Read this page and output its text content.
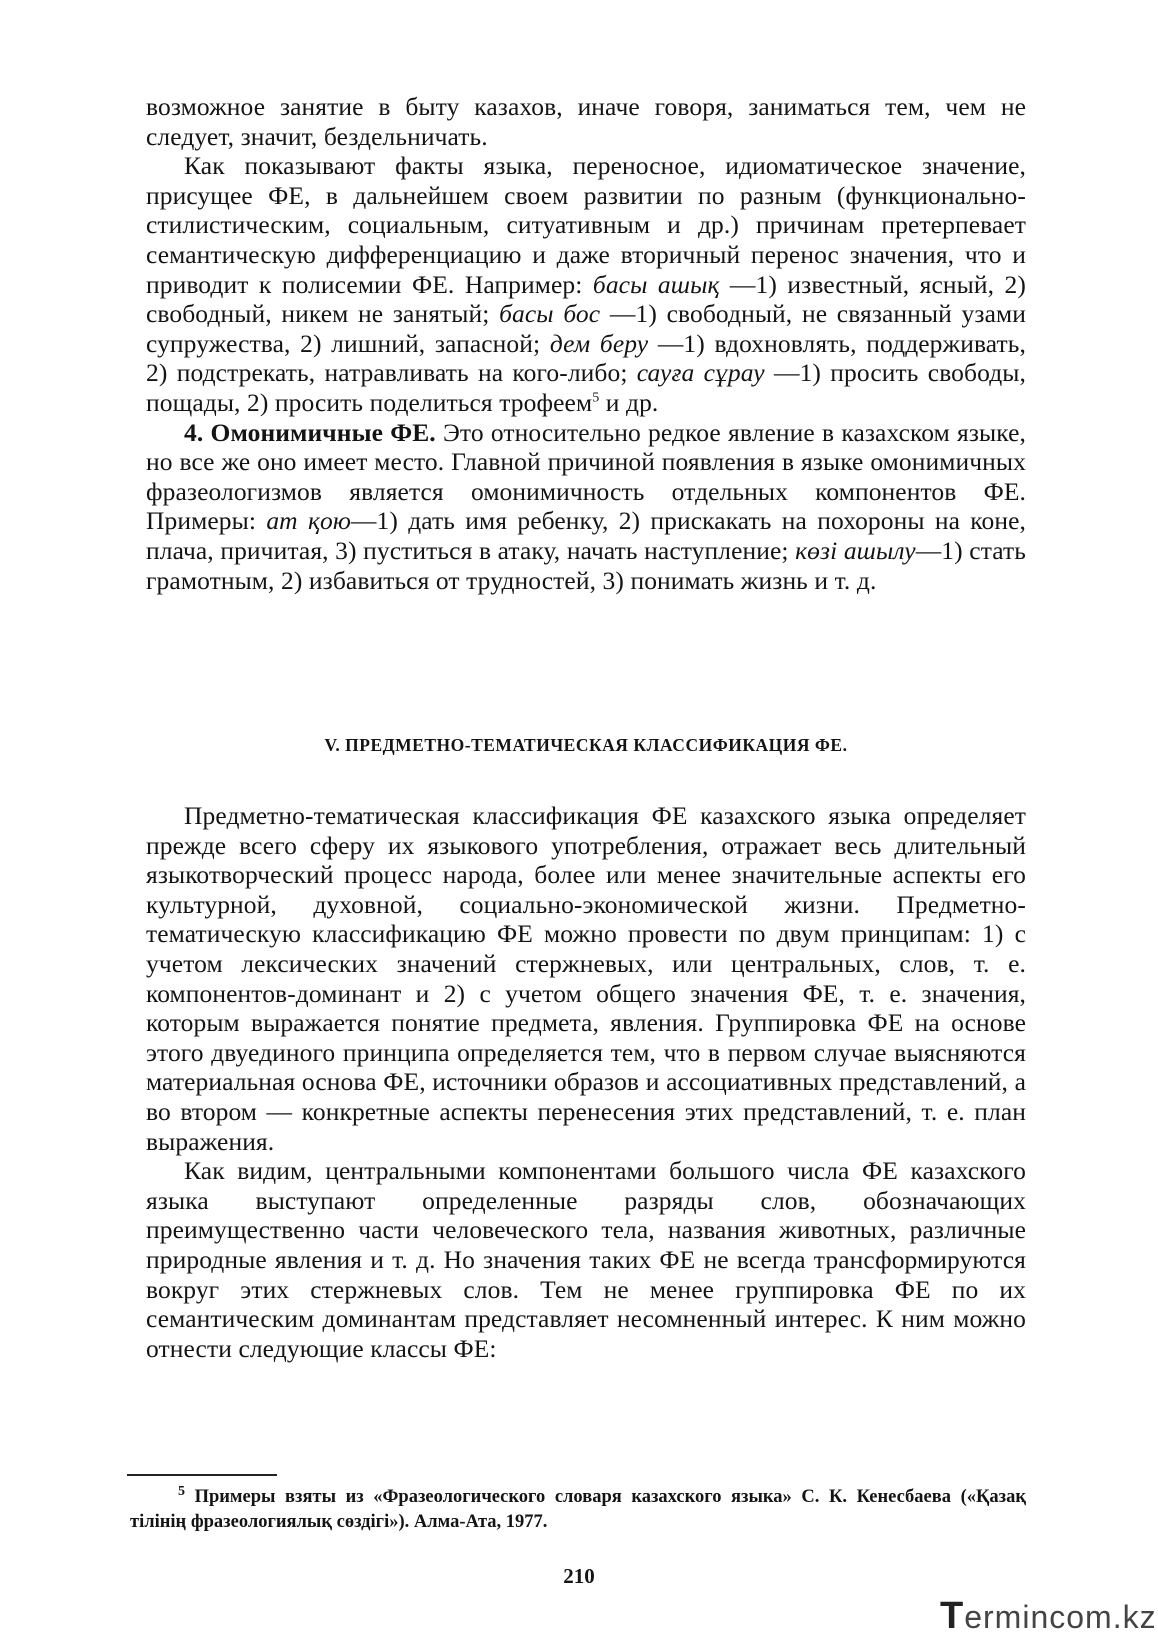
возможное занятие в быту казахов, иначе говоря, заниматься тем, чем не следует, значит, бездельничать.

Как показывают факты языка, переносное, идиоматическое значение, присущее ФЕ, в дальнейшем своем развитии по разным (функционально-стилистическим, социальным, ситуативным и др.) причинам претерпевает семантическую дифференциацию и даже вторичный перенос значения, что и приводит к полисемии ФЕ. Например: басы ашық —1) известный, ясный, 2) свободный, никем не занятый; басы бос —1) свободный, не связанный узами супружества, 2) лишний, запасной; дем беру —1) вдохновлять, поддерживать, 2) подстрекать, натравливать на кого-либо; сауға сұрау —1) просить свободы, пощады, 2) просить поделиться трофеем$^5$ и др.

4. Омонимичные ФЕ. Это относительно редкое явление в казахском языке, но все же оно имеет место. Главной причиной появления в языке омонимичных фразеологизмов является омонимичность отдельных компонентов ФЕ. Примеры: ат қою—1) дать имя ребенку, 2) прискакать на похороны на коне, плача, причитая, 3) пуститься в атаку, начать наступление; көзі ашылу—1) стать грамотным, 2) избавиться от трудностей, 3) понимать жизнь и т. д.

V. ПРЕДМЕТНО-ТЕМАТИЧЕСКАЯ КЛАССИФИКАЦИЯ ФЕ.

Предметно-тематическая классификация ФЕ казахского языка определяет прежде всего сферу их языкового употребления, отражает весь длительный языкотворческий процесс народа, более или менее значительные аспекты его культурной, духовной, социально-экономической жизни. Предметно-тематическую классификацию ФЕ можно провести по двум принципам: 1) с учетом лексических значений стержневых, или центральных, слов, т. е. компонентов-доминант и 2) с учетом общего значения ФЕ, т. е. значения, которым выражается понятие предмета, явления. Группировка ФЕ на основе этого двуединого принципа определяется тем, что в первом случае выясняются материальная основа ФЕ, источники образов и ассоциативных представлений, а во втором — конкретные аспекты перенесения этих представлений, т. е. план выражения.

Как видим, центральными компонентами большого числа ФЕ казахского языка выступают определенные разряды слов, обозначающих преимущественно части человеческого тела, названия животных, различные природные явления и т. д. Но значения таких ФЕ не всегда трансформируются вокруг этих стержневых слов. Тем не менее группировка ФЕ по их семантическим доминантам представляет несомненный интерес. К ним можно отнести следующие классы ФЕ:

$^5$ Примеры взяты из «Фразеологического словаря казахского языка» С. К. Кенесбаева («Қазақ тілінің фразеологиялық сөздігі»). Алма-Ата, 1977.
210
Termincom.kz
